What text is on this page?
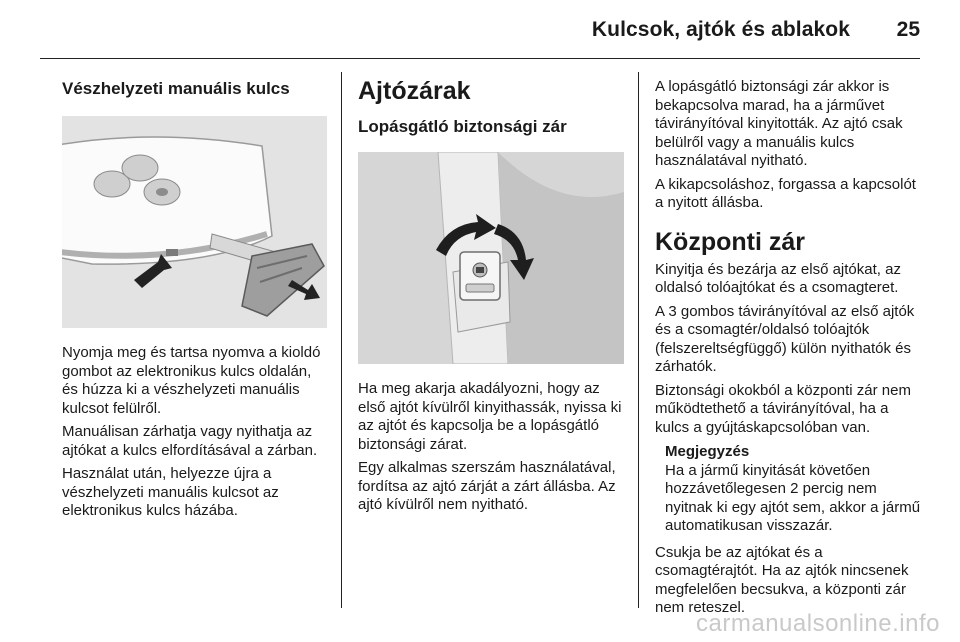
Kulcsok, ajtók és ablakok	25
Vészhelyzeti manuális kulcs

Nyomja meg és tartsa nyomva a kioldó gombot az elektronikus kulcs oldalán, és húzza ki a vészhelyzeti manuális kulcsot felülről.

Manuálisan zárhatja vagy nyithatja az ajtókat a kulcs elfordításával a zárban.

Használat után, helyezze újra a vészhelyzeti manuális kulcsot az elektronikus kulcs házába.

Ajtózárak
Lopásgátló biztonsági zár

Ha meg akarja akadályozni, hogy az első ajtót kívülről kinyithassák, nyissa ki az ajtót és kapcsolja be a lopásgátló biztonsági zárat.

Egy alkalmas szerszám használatával, fordítsa az ajtó zárját a zárt állásba. Az ajtó kívülről nem nyitható.

A lopásgátló biztonsági zár akkor is bekapcsolva marad, ha a járművet távirányítóval kinyitották. Az ajtó csak belülről vagy a manuális kulcs használatával nyitható.

A kikapcsoláshoz, forgassa a kapcsolót a nyitott állásba.

Központi zár

Kinyitja és bezárja az első ajtókat, az oldalsó tolóajtókat és a csomagteret.

A 3 gombos távirányítóval az első ajtók és a csomagtér/oldalsó tolóajtók (felszereltségfüggő) külön nyithatók és zárhatók.

Biztonsági okokból a központi zár nem működtethető a távirányítóval, ha a kulcs a gyújtáskapcsolóban van.

Megjegyzés

Ha a jármű kinyitását követően hozzávetőlegesen 2 percig nem nyitnak ki egy ajtót sem, akkor a jármű automatikusan visszazár.

Csukja be az ajtókat és a csomagtérajtót. Ha az ajtók nincsenek megfelelően becsukva, a központi zár nem reteszel.

carmanualsonline.info
